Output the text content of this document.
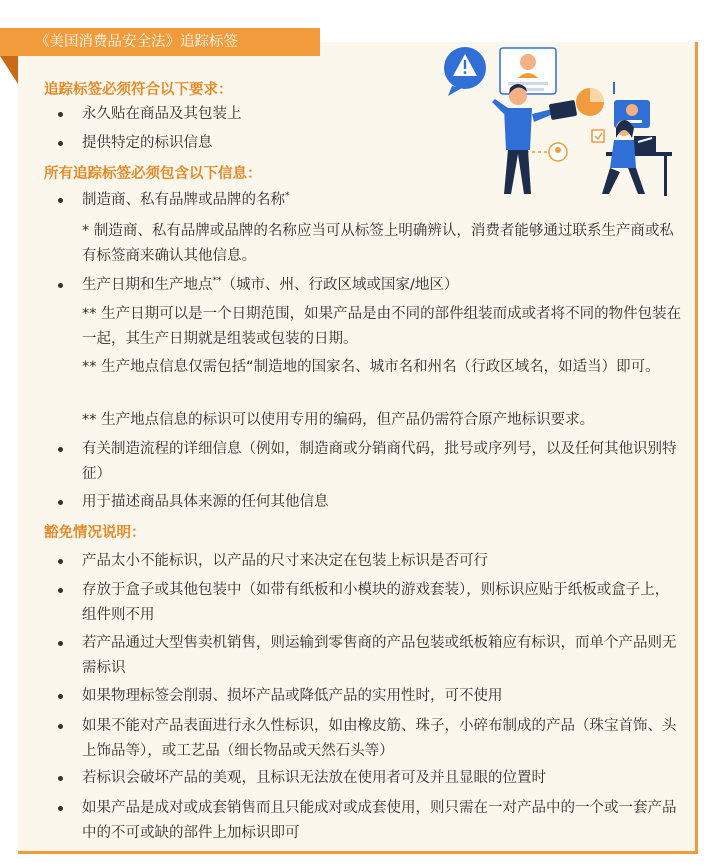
《美国消费品安全法》追踪标签
追踪标签必须符合以下要求：
永久贴在商品及其包装上
提供特定的标识信息
所有追踪标签必须包含以下信息：
制造商、私有品牌或品牌的名称*
* 制造商、私有品牌或品牌的名称应当可从标签上明确辨认，消费者能够通过联系生产商或私有标签商来确认其他信息。
生产日期和生产地点**（城市、州、行政区域或国家/地区）
** 生产日期可以是一个日期范围，如果产品是由不同的部件组装而成或者将不同的物件包装在一起，其生产日期就是组装或包装的日期。
** 生产地点信息仅需包括“制造地的国家名、城市名和州名（行政区域名，如适当）即可。
** 生产地点信息的标识可以使用专用的编码，但产品仍需符合原产地标识要求。
有关制造流程的详细信息（例如，制造商或分销商代码，批号或序列号，以及任何其他识别特征）
用于描述商品具体来源的任何其他信息
豁免情况说明：
产品太小不能标识，以产品的尺寸来决定在包装上标识是否可行
存放于盒子或其他包装中（如带有纸板和小模块的游戏套装），则标识应贴于纸板或盒子上，组件则不用
若产品通过大型售卖机销售，则运输到零售商的产品包装或纸板箱应有标识，而单个产品则无需标识
如果物理标签会削弱、损坏产品或降低产品的实用性时，可不使用
如果不能对产品表面进行永久性标识，如由橡皮筋、珠子，小碎布制成的产品（珠宝首饰、头上饰品等），或工艺品（细长物品或天然石头等）
若标识会破坏产品的美观，且标识无法放在使用者可及并且显眼的位置时
如果产品是成对或成套销售而且只能成对或成套使用，则只需在一对产品中的一个或一套产品中的不可或缺的部件上加标识即可
